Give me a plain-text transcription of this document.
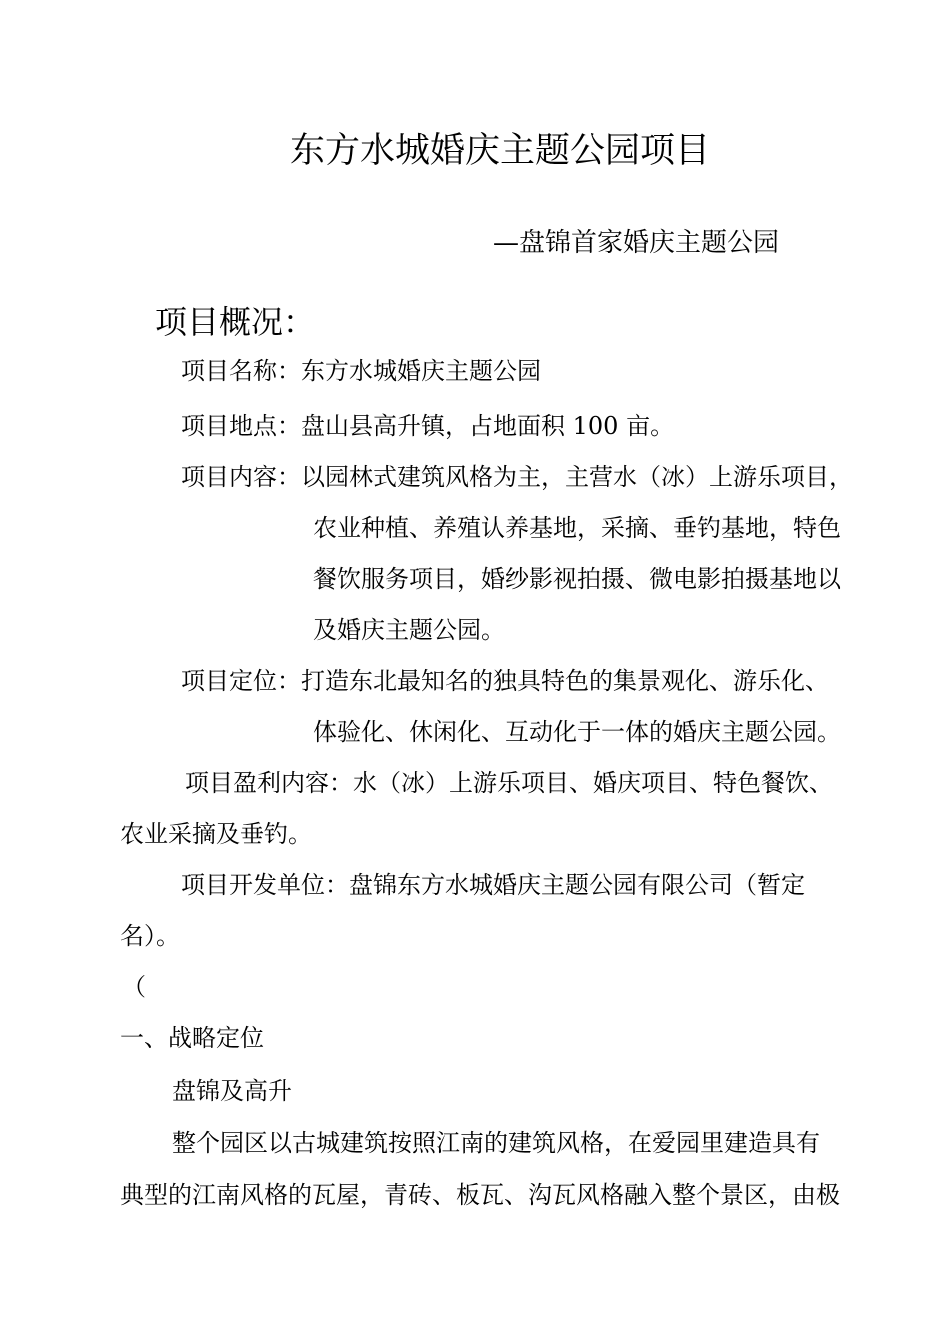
东方水城婚庆主题公园项目
—盘锦首家婚庆主题公园
项目概况：
项目名称：东方水城婚庆主题公园
项目地点：盘山县高升镇，占地面积 100 亩。
项目内容：以园林式建筑风格为主，主营水（冰）上游乐项目，
农业种植、养殖认养基地，采摘、垂钓基地，特色
餐饮服务项目，婚纱影视拍摄、微电影拍摄基地以
及婚庆主题公园。
项目定位：打造东北最知名的独具特色的集景观化、游乐化、
体验化、休闲化、互动化于一体的婚庆主题公园。
项目盈利内容：水（冰）上游乐项目、婚庆项目、特色餐饮、
农业采摘及垂钓。
项目开发单位：盘锦东方水城婚庆主题公园有限公司（暂定
名）。
（
一、战略定位
盘锦及高升
整个园区以古城建筑按照江南的建筑风格，在爱园里建造具有
典型的江南风格的瓦屋，青砖、板瓦、沟瓦风格融入整个景区，由极
